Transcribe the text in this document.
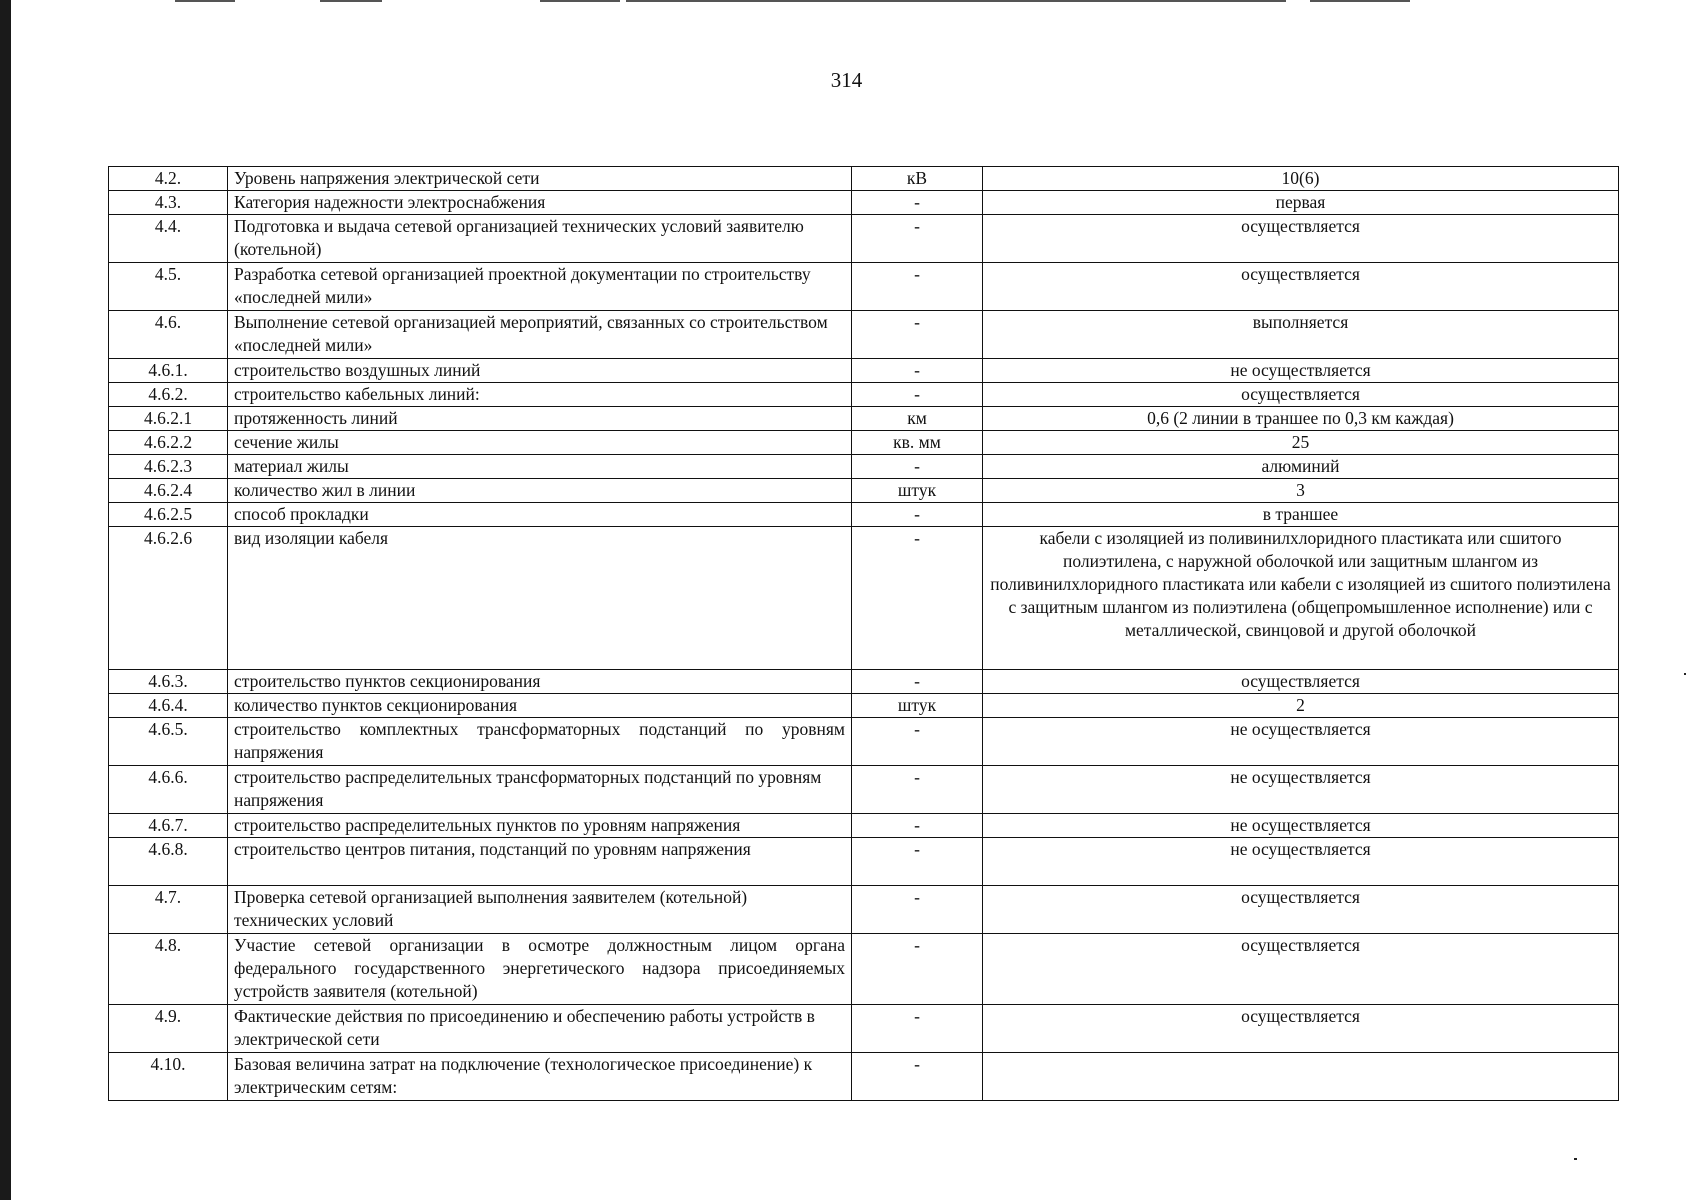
314
4.2.	Уровень напряжения электрической сети	кВ	10(6)
4.3.	Категория надежности электроснабжения	-	первая
4.4.	Подготовка и выдача сетевой организацией технических условий заявителю (котельной)	-	осуществляется
4.5.	Разработка сетевой организацией проектной документации по строительству «последней мили»	-	осуществляется
4.6.	Выполнение сетевой организацией мероприятий, связанных со строительством «последней мили»	-	выполняется
4.6.1.	строительство воздушных линий	-	не осуществляется
4.6.2.	строительство кабельных линий:	-	осуществляется
4.6.2.1	протяженность линий	км	0,6 (2 линии в траншее по 0,3 км каждая)
4.6.2.2	сечение жилы	кв. мм	25
4.6.2.3	материал жилы	-	алюминий
4.6.2.4	количество жил в линии	штук	3
4.6.2.5	способ прокладки	-	в траншее
4.6.2.6	вид изоляции кабеля	-	кабели с изоляцией из поливинилхлоридного пластиката или сшитого полиэтилена, с наружной оболочкой или защитным шлангом из поливинилхлоридного пластиката или кабели с изоляцией из сшитого полиэтилена с защитным шлангом из полиэтилена (общепромышленное исполнение) или с металлической, свинцовой и другой оболочкой
4.6.3.	строительство пунктов секционирования	-	осуществляется
4.6.4.	количество пунктов секционирования	штук	2
4.6.5.	строительство комплектных трансформаторных подстанций по уровням напряжения	-	не осуществляется
4.6.6.	строительство распределительных трансформаторных подстанций по уровням напряжения	-	не осуществляется
4.6.7.	строительство распределительных пунктов по уровням напряжения	-	не осуществляется
4.6.8.	строительство центров питания, подстанций по уровням напряжения	-	не осуществляется
4.7.	Проверка сетевой организацией выполнения заявителем (котельной) технических условий	-	осуществляется
4.8.	Участие сетевой организации в осмотре должностным лицом органа федерального государственного энергетического надзора присоединяемых устройств заявителя (котельной)	-	осуществляется
4.9.	Фактические действия по присоединению и обеспечению работы устройств в электрической сети	-	осуществляется
4.10.	Базовая величина затрат на подключение (технологическое присоединение) к электрическим сетям:	-	
